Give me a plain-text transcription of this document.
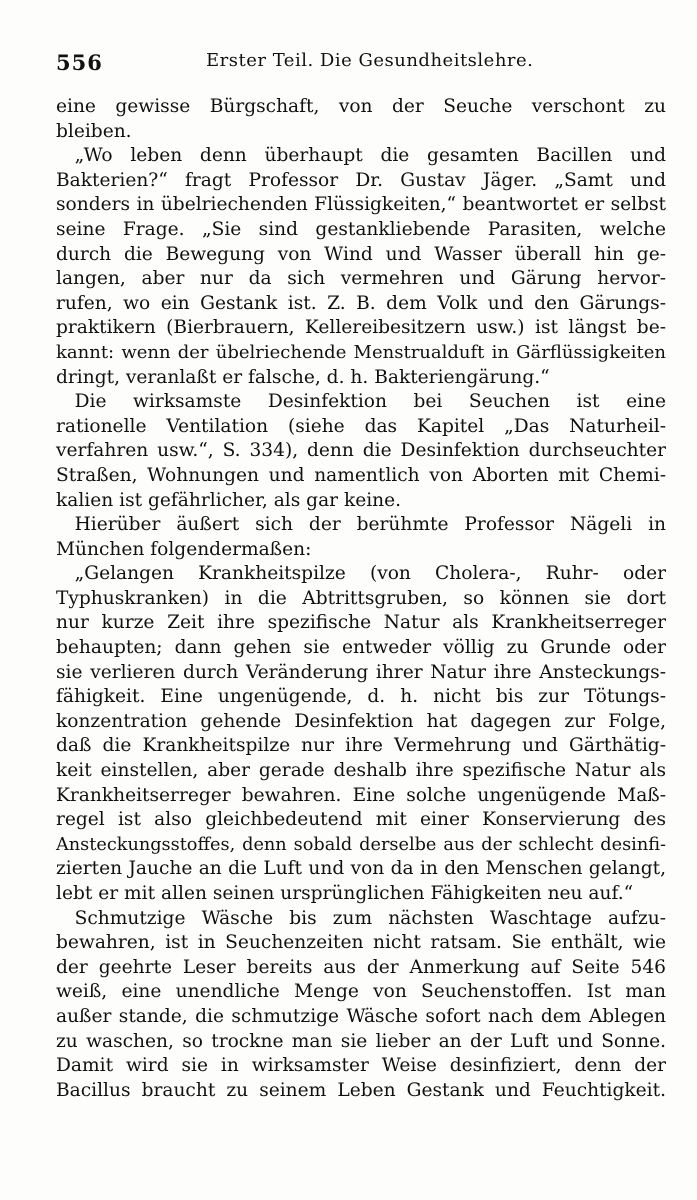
556	Erster Teil. Die Gesundheitslehre.
eine gewisse Bürgschaft, von der Seuche verschont zu
bleiben.
 „Wo leben denn überhaupt die gesamten Bacillen und
Bakterien?“ fragt Professor Dr. Gustav Jäger. „Samt und
sonders in übelriechenden Flüssigkeiten,“ beantwortet er selbst
seine Frage. „Sie sind gestankliebende Parasiten, welche
durch die Bewegung von Wind und Wasser überall hin ge-
langen, aber nur da sich vermehren und Gärung hervor-
rufen, wo ein Gestank ist. Z. B. dem Volk und den Gärungs-
praktikern (Bierbrauern, Kellereibesitzern usw.) ist längst be-
kannt: wenn der übelriechende Menstrualduft in Gärflüssigkeiten
dringt, veranlaßt er falsche, d. h. Bakteriengärung.“
 Die wirksamste Desinfektion bei Seuchen ist eine
rationelle Ventilation (siehe das Kapitel „Das Naturheil-
verfahren usw.“, S. 334), denn die Desinfektion durchseuchter
Straßen, Wohnungen und namentlich von Aborten mit Chemi-
kalien ist gefährlicher, als gar keine.
 Hierüber äußert sich der berühmte Professor Nägeli in
München folgendermaßen:
 „Gelangen Krankheitspilze (von Cholera-, Ruhr- oder
Typhuskranken) in die Abtrittsgruben, so können sie dort
nur kurze Zeit ihre spezifische Natur als Krankheitserreger
behaupten; dann gehen sie entweder völlig zu Grunde oder
sie verlieren durch Veränderung ihrer Natur ihre Ansteckungs-
fähigkeit. Eine ungenügende, d. h. nicht bis zur Tötungs-
konzentration gehende Desinfektion hat dagegen zur Folge,
daß die Krankheitspilze nur ihre Vermehrung und Gärthätig-
keit einstellen, aber gerade deshalb ihre spezifische Natur als
Krankheitserreger bewahren. Eine solche ungenügende Maß-
regel ist also gleichbedeutend mit einer Konservierung des
Ansteckungsstoffes, denn sobald derselbe aus der schlecht desinfi-
zierten Jauche an die Luft und von da in den Menschen gelangt,
lebt er mit allen seinen ursprünglichen Fähigkeiten neu auf.“
 Schmutzige Wäsche bis zum nächsten Waschtage aufzu-
bewahren, ist in Seuchenzeiten nicht ratsam. Sie enthält, wie
der geehrte Leser bereits aus der Anmerkung auf Seite 546
weiß, eine unendliche Menge von Seuchenstoffen. Ist man
außer stande, die schmutzige Wäsche sofort nach dem Ablegen
zu waschen, so trockne man sie lieber an der Luft und Sonne.
Damit wird sie in wirksamster Weise desinfiziert, denn der
Bacillus braucht zu seinem Leben Gestank und Feuchtigkeit.
